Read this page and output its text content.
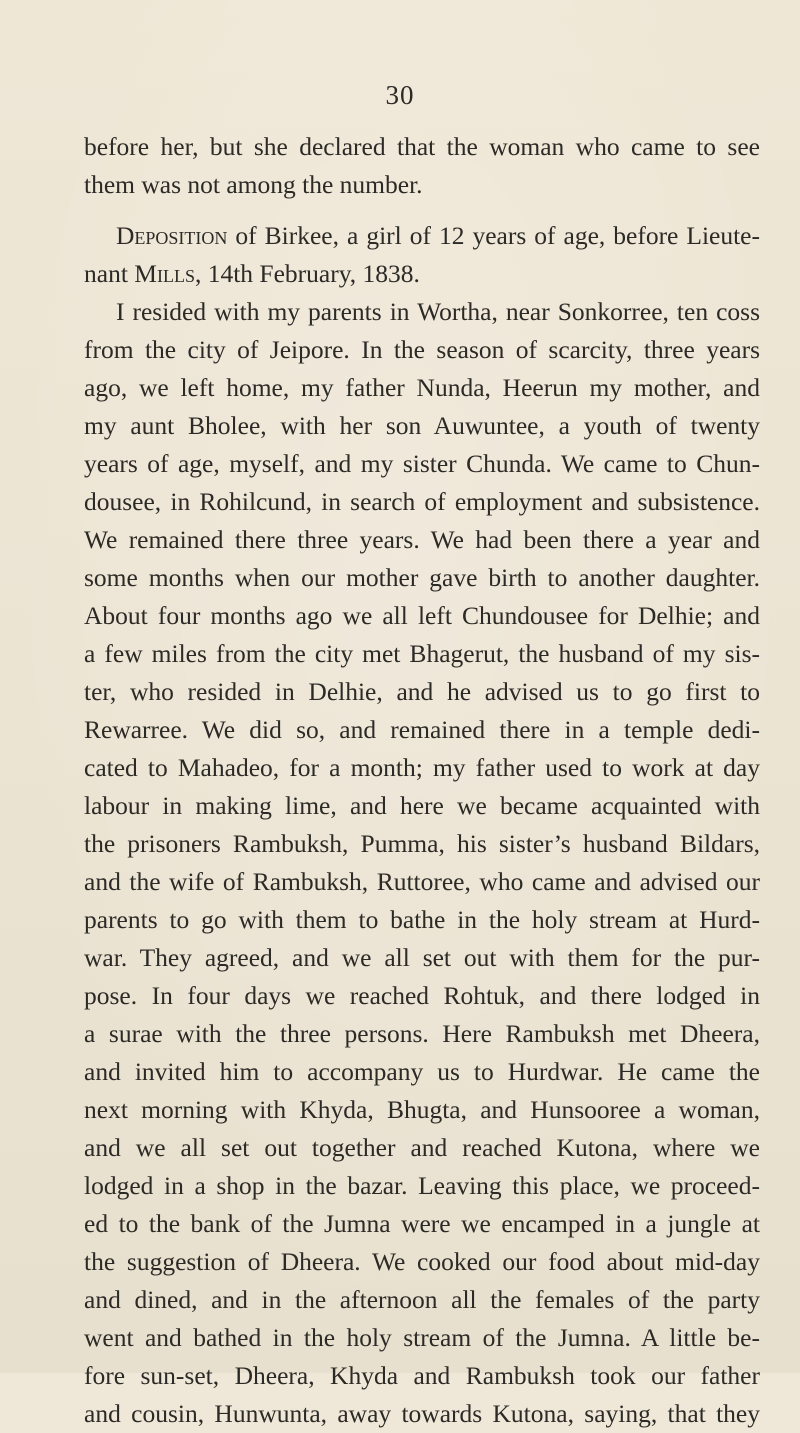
30
before her, but she declared that the woman who came to see
them was not among the number.
Deposition of Birkee, a girl of 12 years of age, before Lieute-
nant Mills, 14th February, 1838.
I resided with my parents in Wortha, near Sonkorree, ten coss
from the city of Jeipore. In the season of scarcity, three years
ago, we left home, my father Nunda, Heerun my mother, and
my aunt Bholee, with her son Auwuntee, a youth of twenty
years of age, myself, and my sister Chunda. We came to Chun-
dousee, in Rohilcund, in search of employment and subsistence.
We remained there three years. We had been there a year and
some months when our mother gave birth to another daughter.
About four months ago we all left Chundousee for Delhie; and
a few miles from the city met Bhagerut, the husband of my sis-
ter, who resided in Delhie, and he advised us to go first to
Rewarree. We did so, and remained there in a temple dedi-
cated to Mahadeo, for a month; my father used to work at day
labour in making lime, and here we became acquainted with
the prisoners Rambuksh, Pumma, his sister’s husband Bildars,
and the wife of Rambuksh, Ruttoree, who came and advised our
parents to go with them to bathe in the holy stream at Hurd-
war. They agreed, and we all set out with them for the pur-
pose. In four days we reached Rohtuk, and there lodged in
a surae with the three persons. Here Rambuksh met Dheera,
and invited him to accompany us to Hurdwar. He came the
next morning with Khyda, Bhugta, and Hunsooree a woman,
and we all set out together and reached Kutona, where we
lodged in a shop in the bazar. Leaving this place, we proceed-
ed to the bank of the Jumna were we encamped in a jungle at
the suggestion of Dheera. We cooked our food about mid-day
and dined, and in the afternoon all the females of the party
went and bathed in the holy stream of the Jumna. A little be-
fore sun-set, Dheera, Khyda and Rambuksh took our father
and cousin, Hunwunta, away towards Kutona, saying, that they
